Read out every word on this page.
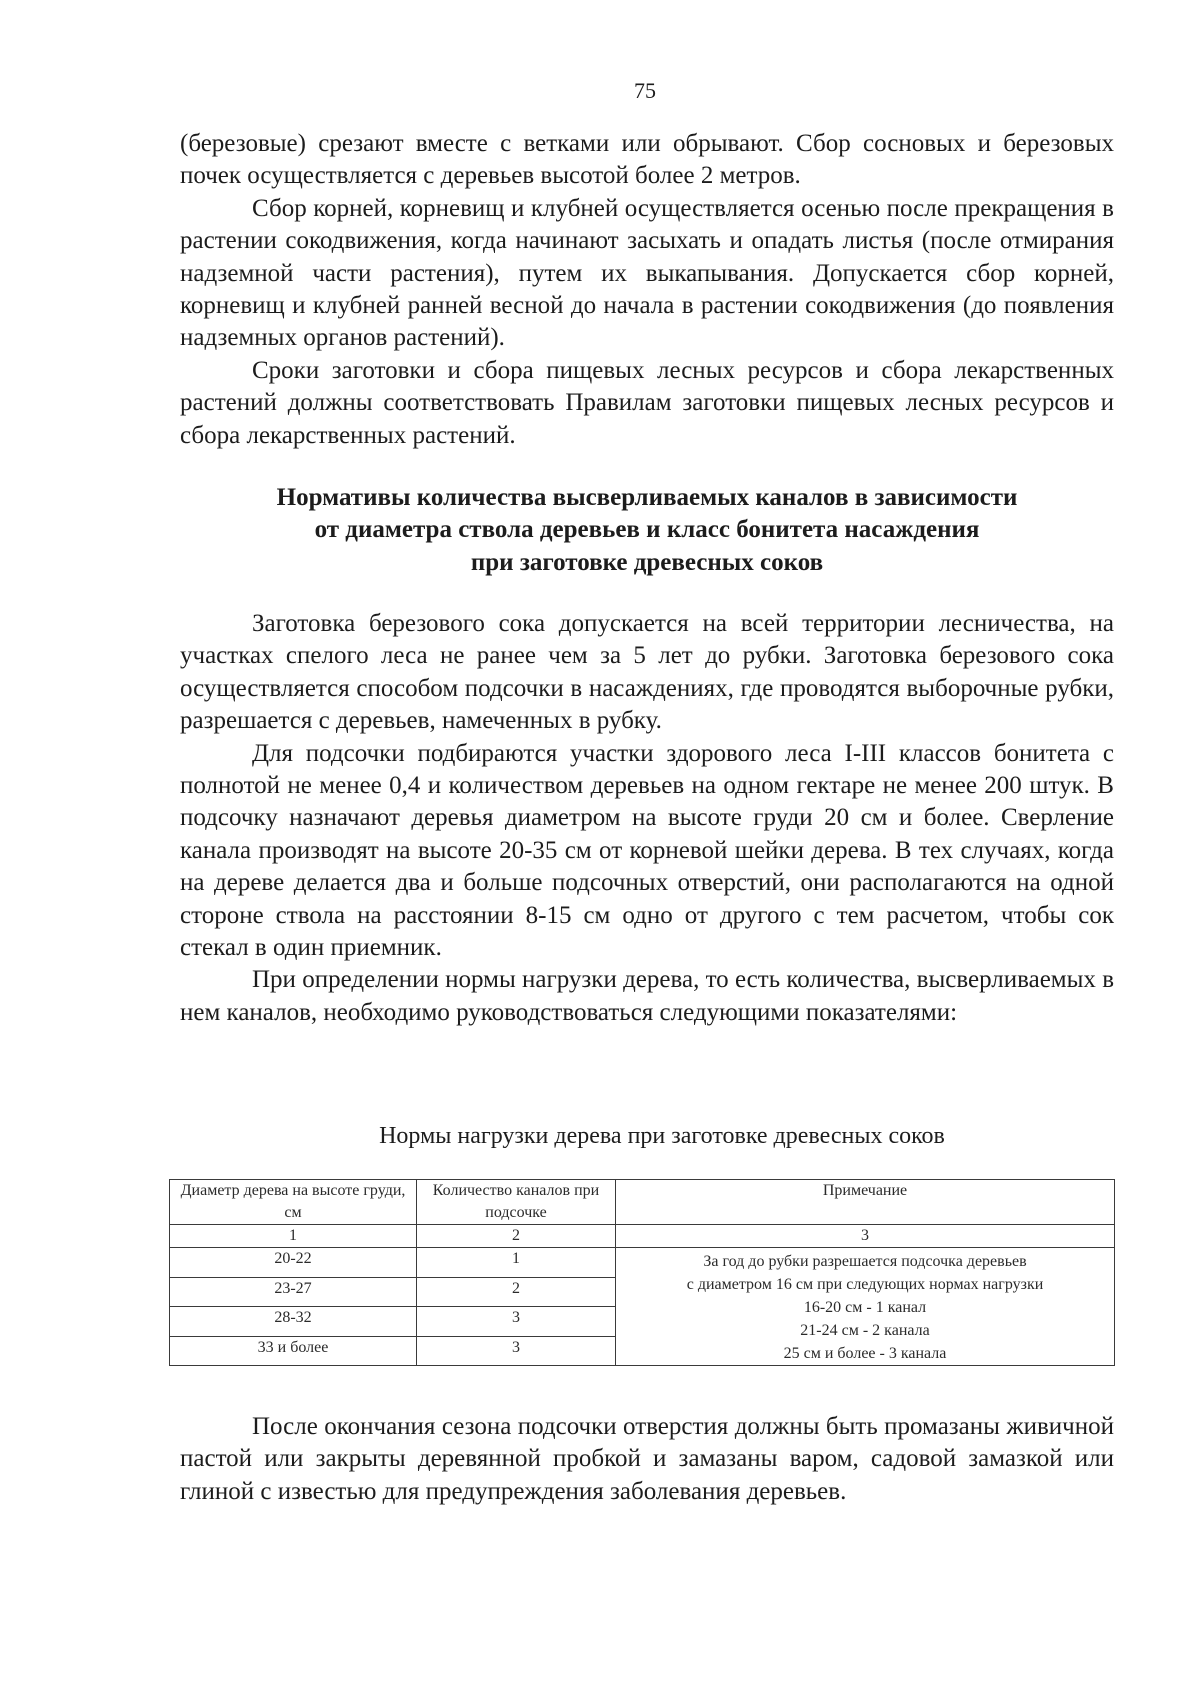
75

(березовые) срезают вместе с ветками или обрывают. Сбор сосновых и березовых почек осуществляется с деревьев высотой более 2 метров.

Сбор корней, корневищ и клубней осуществляется осенью после прекращения в растении сокодвижения, когда начинают засыхать и опадать листья (после отмирания надземной части растения), путем их выкапывания. Допускается сбор корней, корневищ и клубней ранней весной до начала в растении сокодвижения (до появления надземных органов растений).

Сроки заготовки и сбора пищевых лесных ресурсов и сбора лекарственных растений должны соответствовать Правилам заготовки пищевых лесных ресурсов и сбора лекарственных растений.

Нормативы количества высверливаемых каналов в зависимости
от диаметра ствола деревьев и класс бонитета насаждения
при заготовке древесных соков

Заготовка березового сока допускается на всей территории лесничества, на участках спелого леса не ранее чем за 5 лет до рубки. Заготовка березового сока осуществляется способом подсочки в насаждениях, где проводятся выборочные рубки, разрешается с деревьев, намеченных в рубку.

Для подсочки подбираются участки здорового леса I-III классов бонитета с полнотой не менее 0,4 и количеством деревьев на одном гектаре не менее 200 штук. В подсочку назначают деревья диаметром на высоте груди 20 см и более. Сверление канала производят на высоте 20-35 см от корневой шейки дерева. В тех случаях, когда на дереве делается два и больше подсочных отверстий, они располагаются на одной стороне ствола на расстоянии 8-15 см одно от другого с тем расчетом, чтобы сок стекал в один приемник.

При определении нормы нагрузки дерева, то есть количества, высверливаемых в нем каналов, необходимо руководствоваться следующими показателями:

Нормы нагрузки дерева при заготовке древесных соков
Диаметр дерева на высоте груди, см	Количество каналов при подсочке	Примечание
1	2	3
20-22	1	За год до рубки разрешается подсочка деревьев
с диаметром 16 см при следующих нормах нагрузки
16-20 см - 1 канал
21-24 см - 2 канала
25 см и более - 3 канала

23-27	2	
28-32	3	
33 и более	3	

После окончания сезона подсочки отверстия должны быть промазаны живичной пастой или закрыты деревянной пробкой и замазаны варом, садовой замазкой или глиной с известью для предупреждения заболевания деревьев.
